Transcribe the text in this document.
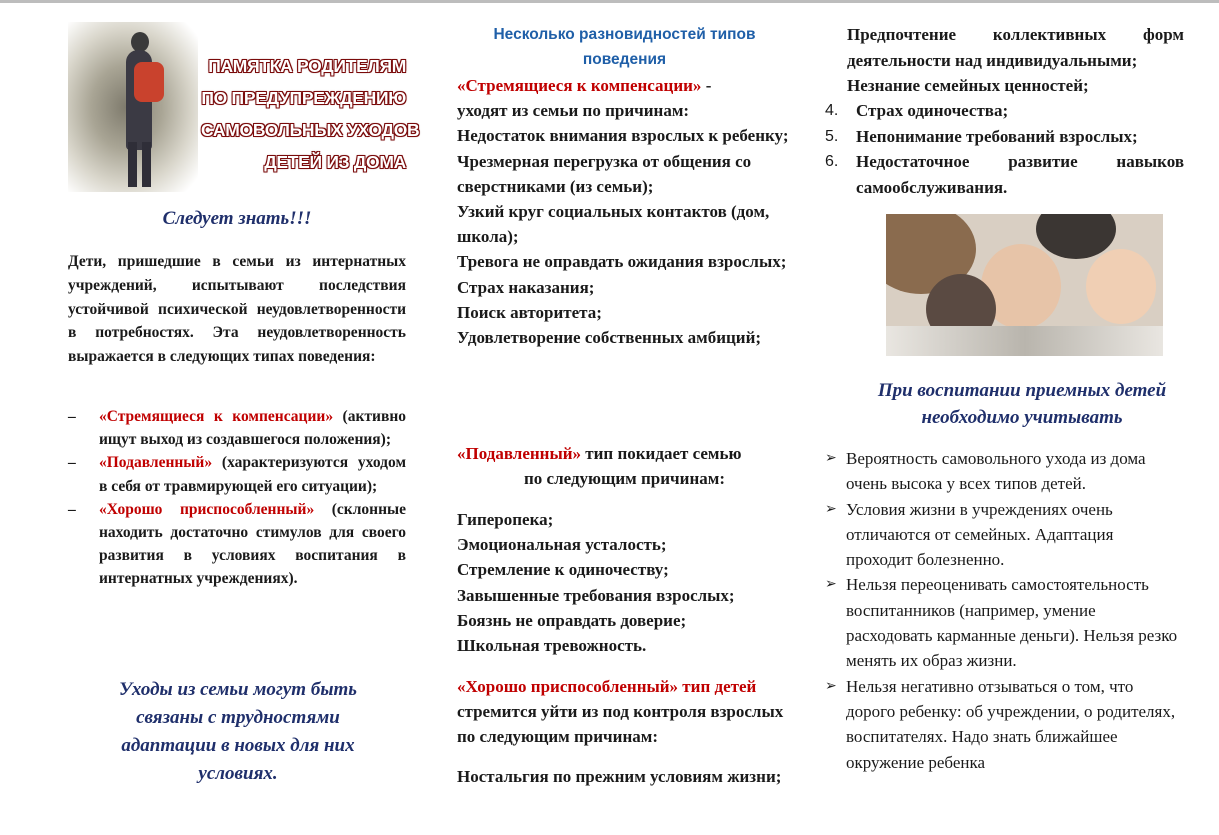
ПАМЯТКА РОДИТЕЛЯМ
ПО ПРЕДУПРЕЖДЕНИЮ
САМОВОЛЬНЫХ УХОДОВ
ДЕТЕЙ ИЗ ДОМА
Следует знать!!!
Дети, пришедшие в семьи из интернатных учреждений, испытывают последствия устойчивой психической неудовлетворенности в потребностях. Эта неудовлетворенность выражается в следующих типах поведения:
– «Стремящиеся к компенсации» (активно ищут выход из создавшегося положения);
– «Подавленный» (характеризуются уходом в себя от травмирующей его ситуации);
– «Хорошо приспособленный» (склонные находить достаточно стимулов для своего развития в условиях воспитания в интернатных учреждениях).
Уходы из семьи могут быть связаны с трудностями адаптации в новых для них условиях.
Несколько разновидностей типов поведения

«Стремящиеся к компенсации» -

уходят из семьи по причинам:

Недостаток внимания взрослых к ребенку;

Чрезмерная перегрузка от общения со сверстниками (из семьи);

Узкий круг социальных контактов (дом, школа);

Тревога не оправдать ожидания взрослых;

Страх наказания;

Поиск авторитета;

Удовлетворение собственных амбиций;

«Подавленный» тип покидает семью

по следующим причинам:

Гиперопека;

Эмоциональная усталость;

Стремление к одиночеству;

Завышенные требования взрослых;

Боязнь не оправдать доверие;

Школьная тревожность.

«Хорошо приспособленный» тип детей стремится уйти из под контроля взрослых по следующим причинам:

Ностальгия по прежним условиям жизни;

Предпочтение коллективных форм деятельности над индивидуальными;

Незнание семейных ценностей;

4. Страх одиночества;
5. Непонимание требований взрослых;
6. Недостаточное развитие навыков самообслуживания.
При воспитании приемных детей необходимо учитывать
➢ Вероятность самовольного ухода из дома очень высока у всех типов детей.
➢ Условия жизни в учреждениях очень отличаются от семейных. Адаптация проходит болезненно.
➢ Нельзя переоценивать самостоятельность воспитанников (например, умение расходовать карманные деньги). Нельзя резко менять их образ жизни.
➢ Нельзя негативно отзываться о том, что дорого ребенку: об учреждении, о родителях, воспитателях. Надо знать ближайшее окружение ребенка
